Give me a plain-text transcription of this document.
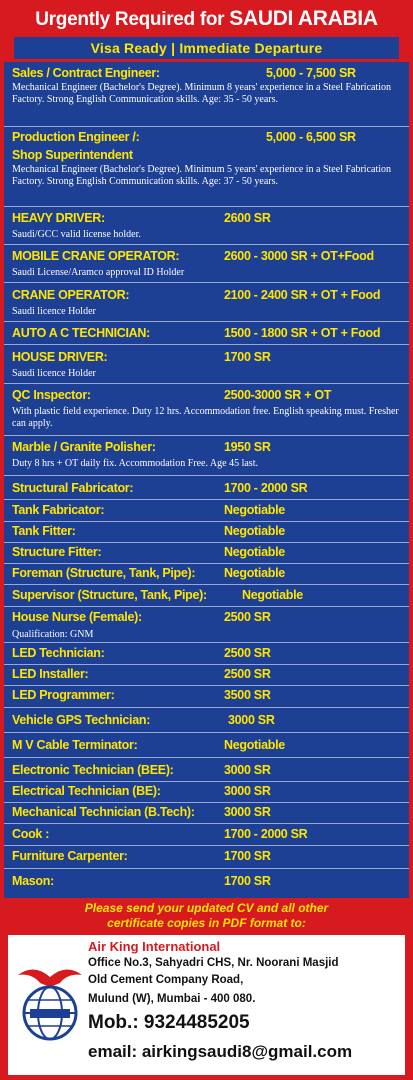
Urgently Required for SAUDI ARABIA
Visa Ready | Immediate Departure
Sales / Contract Engineer:	5,000 - 7,500 SR
Mechanical Engineer (Bachelor's Degree). Minimum 8 years' experience in a Steel Fabrication Factory. Strong English Communication skills. Age: 35 - 50 years.
Production Engineer /:
Shop Superintendent
5,000 - 6,500 SR
Mechanical Engineer (Bachelor's Degree). Minimum 5 years' experience in a Steel Fabrication Factory. Strong English Communication skills. Age: 37 - 50 years.
HEAVY DRIVER:	2600 SR
Saudi/GCC valid license holder.
MOBILE CRANE OPERATOR:	2600 - 3000 SR + OT+Food
Saudi License/Aramco approval ID Holder
CRANE OPERATOR:	2100 - 2400 SR + OT + Food
Saudi licence Holder
AUTO A C TECHNICIAN:	1500 - 1800 SR + OT + Food
HOUSE DRIVER:	1700 SR
Saudi licence Holder
QC Inspector:	2500-3000 SR + OT
With plastic field experience. Duty 12 hrs. Accommodation free. English speaking must. Fresher can apply.
Marble / Granite Polisher:	1950 SR
Duty 8 hrs + OT daily fix. Accommodation Free. Age 45 last.
Structural Fabricator:	1700 - 2000 SR
Tank Fabricator:	Negotiable
Tank Fitter:	Negotiable
Structure Fitter:	Negotiable
Foreman (Structure, Tank, Pipe): Negotiable
Supervisor (Structure, Tank, Pipe):	Negotiable
House Nurse (Female):	2500 SR
Qualification: GNM
LED Technician:	2500 SR
LED Installer:	2500 SR
LED Programmer:	3500 SR
Vehicle GPS Technician:	3000 SR
M V Cable Terminator:	Negotiable
Electronic Technician (BEE):	3000 SR
Electrical Technician (BE):	3000 SR
Mechanical Technician (B.Tech): 3000 SR
Cook :	1700 - 2000 SR
Furniture Carpenter:	1700 SR
Mason:	1700 SR
Please send your updated CV and all other
certificate copies in PDF format to:
Air King International
Office No.3, Sahyadri CHS, Nr. Noorani Masjid
Old Cement Company Road,
Mulund (W), Mumbai - 400 080.
Mob.: 9324485205
email: airkingsaudi8@gmail.com
